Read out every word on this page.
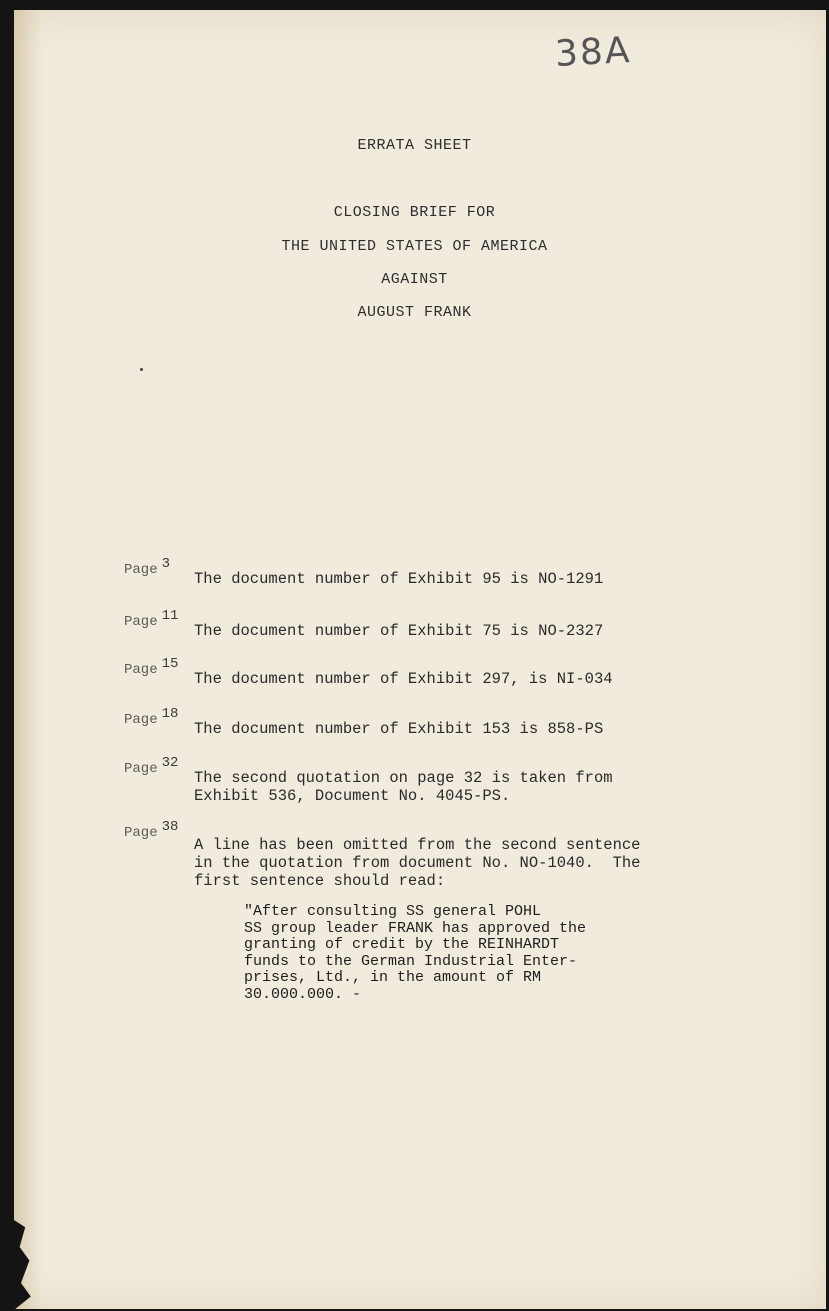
38A
ERRATA SHEET
CLOSING BRIEF FOR
THE UNITED STATES OF AMERICA
AGAINST
AUGUST FRANK
Page 3
The document number of Exhibit 95 is NO-1291
Page 11
The document number of Exhibit 75 is NO-2327
Page 15
The document number of Exhibit 297, is NI-034
Page 18
The document number of Exhibit 153 is 858-PS
Page 32
The second quotation on page 32 is taken from
Exhibit 536, Document No. 4045-PS.
Page 38
A line has been omitted from the second sentence
in the quotation from document No. NO-1040.  The
first sentence should read:
"After consulting SS general POHL
SS group leader FRANK has approved the
granting of credit by the REINHARDT
funds to the German Industrial Enter-
prises, Ltd., in the amount of RM
30.000.000. -
